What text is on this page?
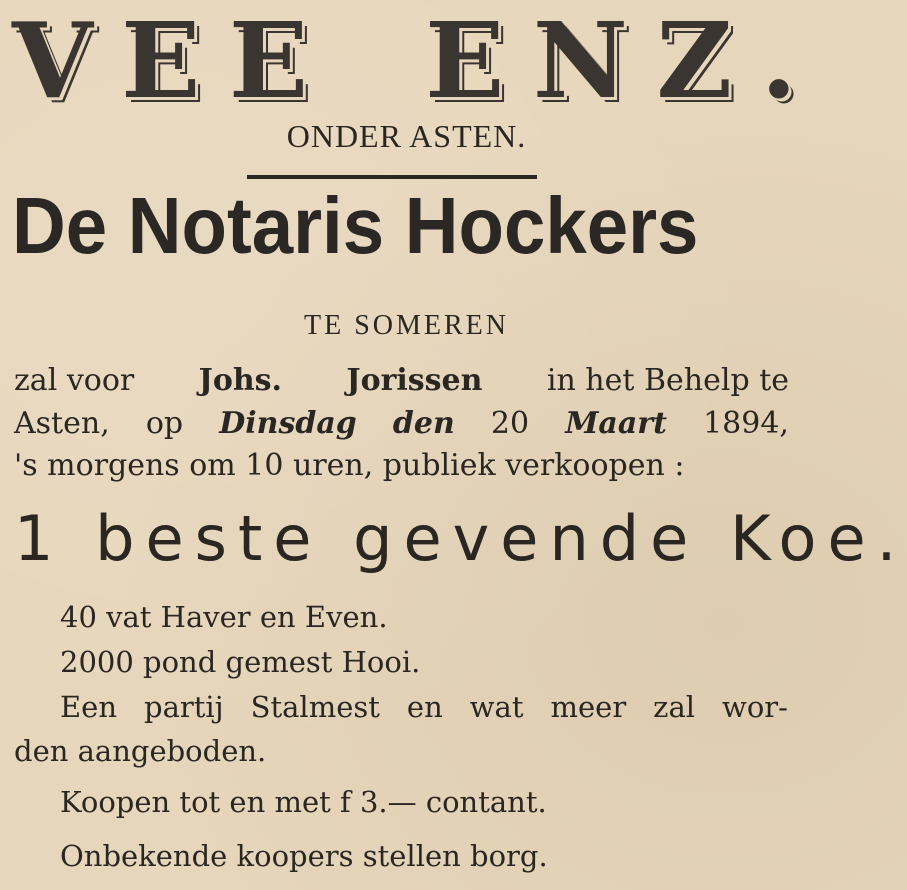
V E E E N Z .
ONDER ASTEN.
De Notaris Hockers
TE SOMEREN
zal voor Johs. Jorissen in het Behelp te
Asten, op Dinsdag den 20 Maart 1894,
's morgens om 10 uren, publiek verkoopen :
1 beste gevende Koe.
40 vat Haver en Even.
2000 pond gemest Hooi.
Een partij Stalmest en wat meer zal wor-
den aangeboden.
Koopen tot en met f 3.— contant.
Onbekende koopers stellen borg.
